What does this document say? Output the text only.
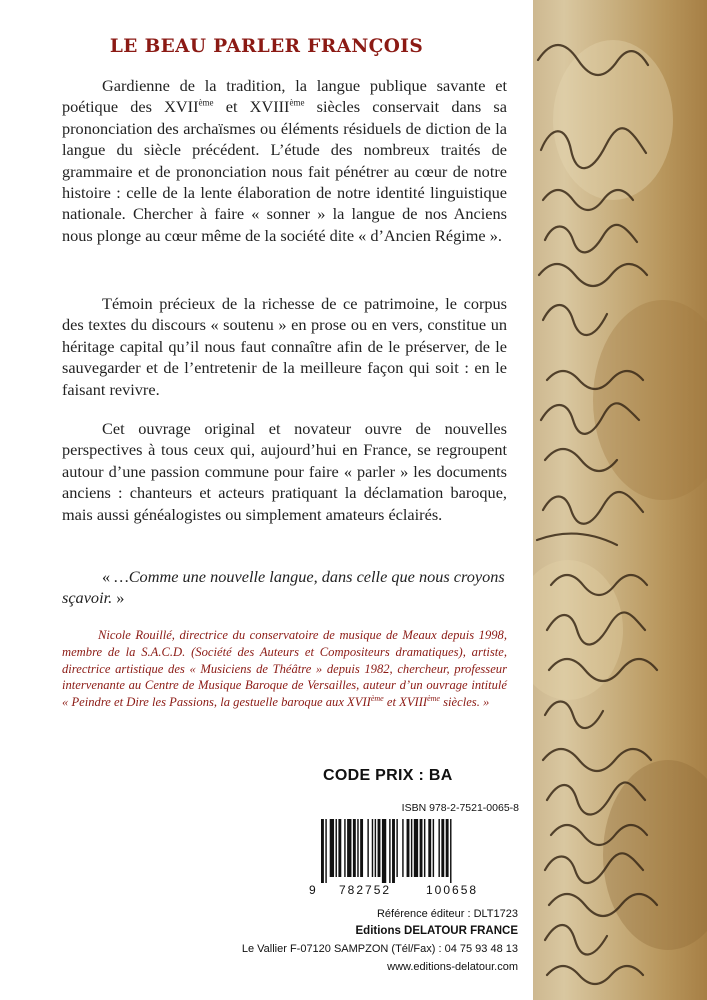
LE BEAU PARLER FRANÇOIS

Gardienne de la tradition, la langue publique savante et poétique des XVIIème et XVIIIème siècles conservait dans sa prononciation des archaïsmes ou éléments résiduels de diction de la langue du siècle précédent. L’étude des nombreux traités de grammaire et de prononciation nous fait pénétrer au cœur de notre histoire : celle de la lente élaboration de notre identité linguistique nationale. Chercher à faire « sonner » la langue de nos Anciens nous plonge au cœur même de la société dite « d’Ancien Régime ».

Témoin précieux de la richesse de ce patrimoine, le corpus des textes du discours « soutenu » en prose ou en vers, constitue un héritage capital qu’il nous faut connaître afin de le préserver, de le sauvegarder et de l’entretenir de la meilleure façon qui soit : en le faisant revivre.

Cet ouvrage original et novateur ouvre de nouvelles perspectives à tous ceux qui, aujourd’hui en France, se regroupent autour d’une passion commune pour faire « parler » les documents anciens : chanteurs et acteurs pratiquant la déclamation baroque, mais aussi généalogistes ou simplement amateurs éclairés.

« …Comme une nouvelle langue, dans celle que nous croyons sçavoir. »

Nicole Rouillé, directrice du conservatoire de musique de Meaux depuis 1998, membre de la S.A.C.D. (Société des Auteurs et Compositeurs dramatiques), artiste, directrice artistique des « Musiciens de Théâtre » depuis 1982, chercheur, professeur intervenante au Centre de Musique Baroque de Versailles, auteur d’un ouvrage intitulé « Peindre et Dire les Passions, la gestuelle baroque aux XVIIème et XVIIIème siècles. »

CODE PRIX : BA
ISBN 978-2-7521-0065-8
9 782752	100658
Référence éditeur : DLT1723
Editions DELATOUR FRANCE
Le Vallier F-07120 SAMPZON (Tél/Fax) : 04 75 93 48 13
www.editions-delatour.com
